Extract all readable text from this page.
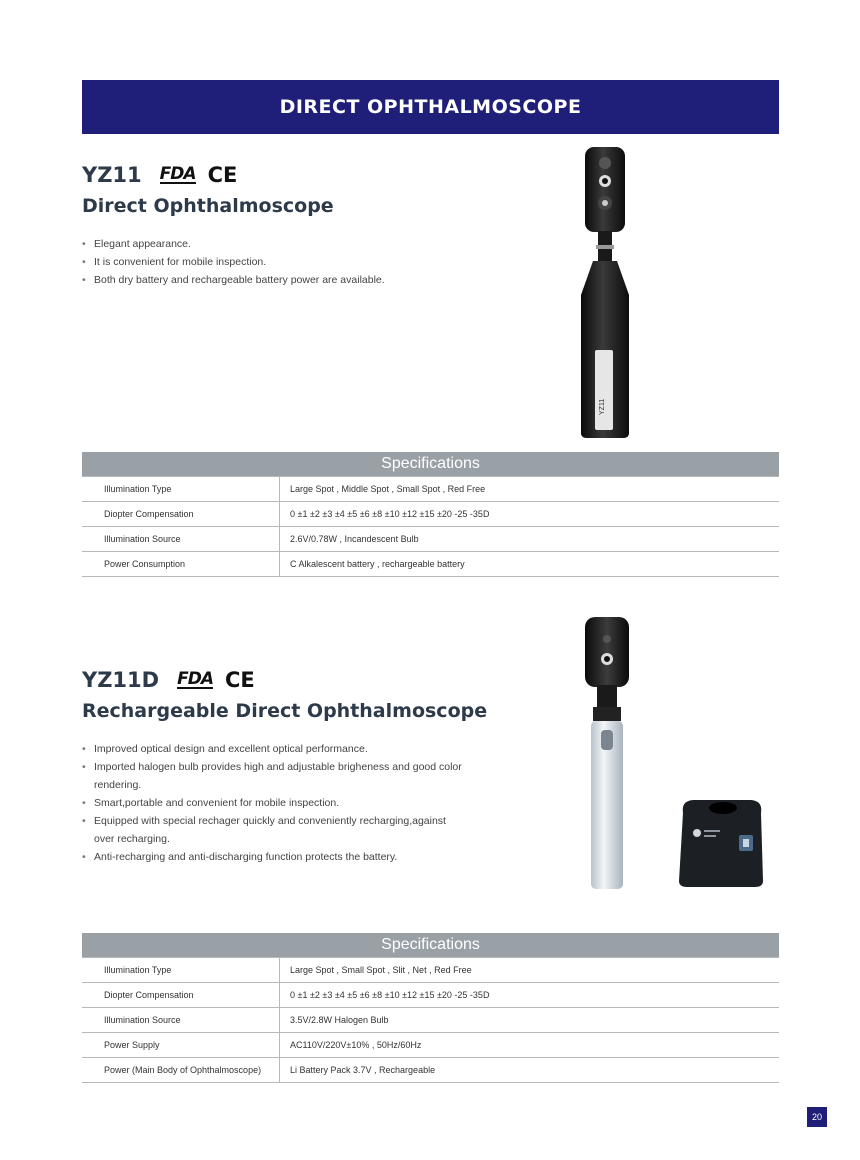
DIRECT OPHTHALMOSCOPE
YZ11 FDA CE
Direct Ophthalmoscope
• Elegant appearance.
• It is convenient for mobile inspection.
• Both dry battery and rechargeable battery power are available.
YZ11
Specifications	
Illumination Type	Large Spot , Middle Spot , Small Spot , Red Free
Diopter Compensation	0 ±1 ±2 ±3 ±4 ±5 ±6 ±8 ±10 ±12 ±15 ±20 -25 -35D
Illumination Source	2.6V/0.78W , Incandescent Bulb
Power Consumption	C Alkalescent battery , rechargeable battery
YZ11D FDA CE
Rechargeable Direct Ophthalmoscope
• Improved optical design and excellent optical performance.
• Imported halogen bulb provides high and adjustable brigheness and good color rendering.
• Smart,portable and convenient for mobile inspection.
• Equipped with special rechager quickly and conveniently recharging,against over recharging.
• Anti-recharging and anti-discharging function protects the battery.
Specifications	
Illumination Type	Large Spot , Small Spot , Slit , Net , Red Free
Diopter Compensation	0 ±1 ±2 ±3 ±4 ±5 ±6 ±8 ±10 ±12 ±15 ±20 -25 -35D
Illumination Source	3.5V/2.8W Halogen Bulb
Power Supply	AC110V/220V±10% , 50Hz/60Hz
Power (Main Body of Ophthalmoscope)	Li Battery Pack 3.7V , Rechargeable
20
